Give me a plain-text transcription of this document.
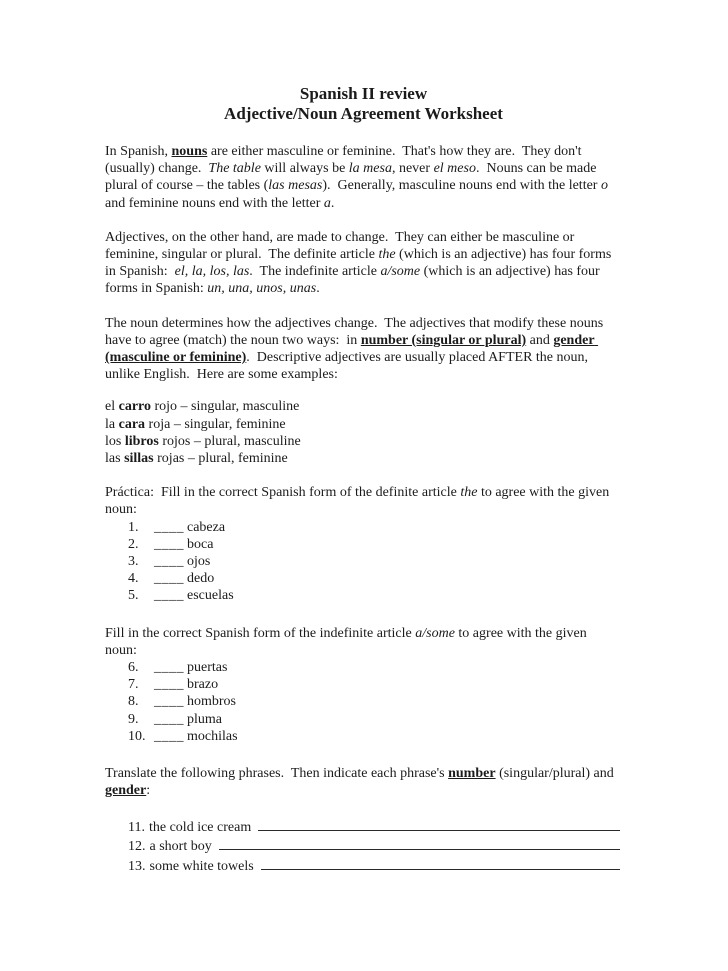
Spanish II review

Adjective/Noun Agreement Worksheet

In Spanish, nouns are either masculine or feminine.  That's how they are.  They don't (usually) change.  The table will always be la mesa, never el meso.  Nouns can be made plural of course – the tables (las mesas).  Generally, masculine nouns end with the letter o and feminine nouns end with the letter a.

Adjectives, on the other hand, are made to change.  They can either be masculine or feminine, singular or plural.  The definite article the (which is an adjective) has four forms in Spanish:  el, la, los, las.  The indefinite article a/some (which is an adjective) has four forms in Spanish: un, una, unos, unas.

The noun determines how the adjectives change.  The adjectives that modify these nouns have to agree (match) the noun two ways:  in number (singular or plural) and gender (masculine or feminine).  Descriptive adjectives are usually placed AFTER the noun, unlike English.  Here are some examples:

el carro rojo – singular, masculine
la cara roja – singular, feminine
los libros rojos – plural, masculine
las sillas rojas – plural, feminine

Práctica:  Fill in the correct Spanish form of the definite article the to agree with the given noun:

1.	____ cabeza
2.	____ boca
3.	____ ojos
4.	____ dedo
5.	____ escuelas

Fill in the correct Spanish form of the indefinite article a/some to agree with the given noun:

6.	____ puertas
7.	____ brazo
8.	____ hombros
9.	____ pluma
10. ____ mochilas

Translate the following phrases.  Then indicate each phrase's number (singular/plural) and gender:

11. the cold ice cream
12. a short boy
13. some white towels
